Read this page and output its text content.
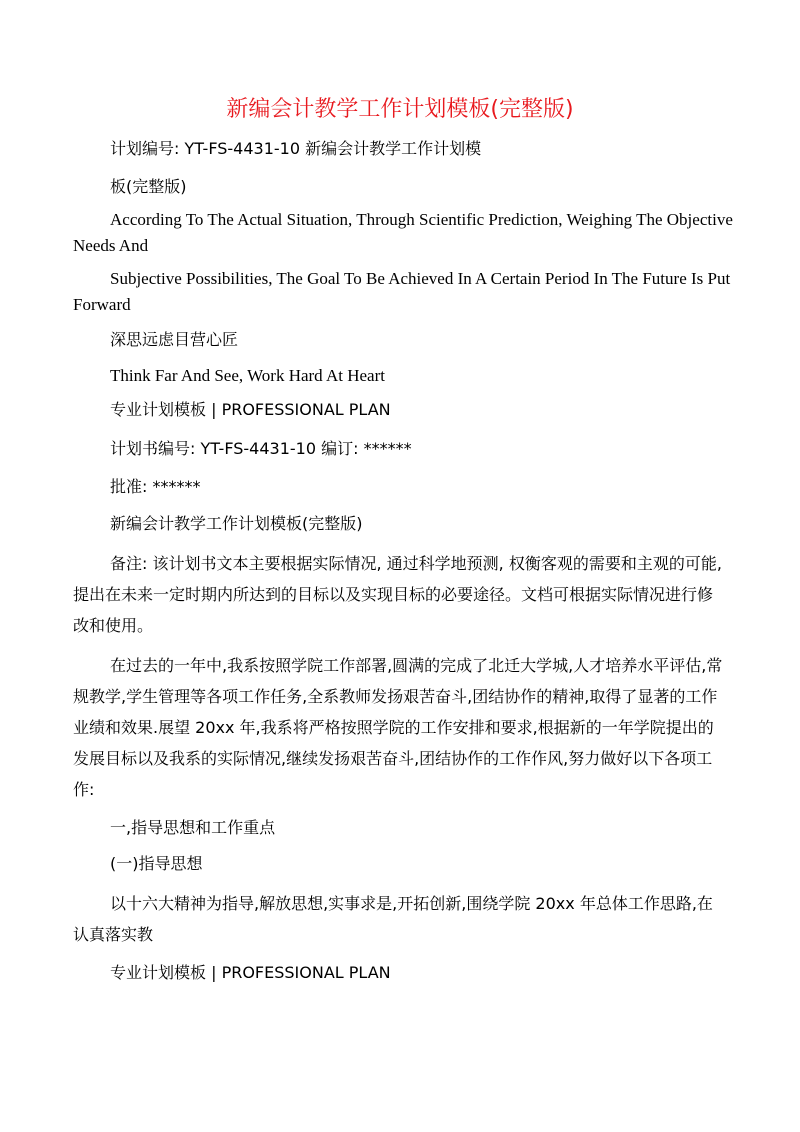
新编会计教学工作计划模板(完整版)
计划编号: YT-FS-4431-10 新编会计教学工作计划模
板(完整版)
According To The Actual Situation, Through Scientific Prediction, Weighing The Objective Needs And
Subjective Possibilities, The Goal To Be Achieved In A Certain Period In The Future Is Put Forward
深思远虑目营心匠
Think Far And See, Work Hard At Heart
专业计划模板 | PROFESSIONAL PLAN
计划书编号: YT-FS-4431-10 编订: ******
批准: ******
新编会计教学工作计划模板(完整版)
备注: 该计划书文本主要根据实际情况, 通过科学地预测, 权衡客观的需要和主观的可能, 提出在未来一定时期内所达到的目标以及实现目标的必要途径。文档可根据实际情况进行修改和使用。
在过去的一年中,我系按照学院工作部署,圆满的完成了北迁大学城,人才培养水平评估,常规教学,学生管理等各项工作任务,全系教师发扬艰苦奋斗,团结协作的精神,取得了显著的工作业绩和效果.展望 20xx 年,我系将严格按照学院的工作安排和要求,根据新的一年学院提出的发展目标以及我系的实际情况,继续发扬艰苦奋斗,团结协作的工作作风,努力做好以下各项工作:
一,指导思想和工作重点
(一)指导思想
以十六大精神为指导,解放思想,实事求是,开拓创新,围绕学院 20xx 年总体工作思路,在认真落实教
专业计划模板 | PROFESSIONAL PLAN
